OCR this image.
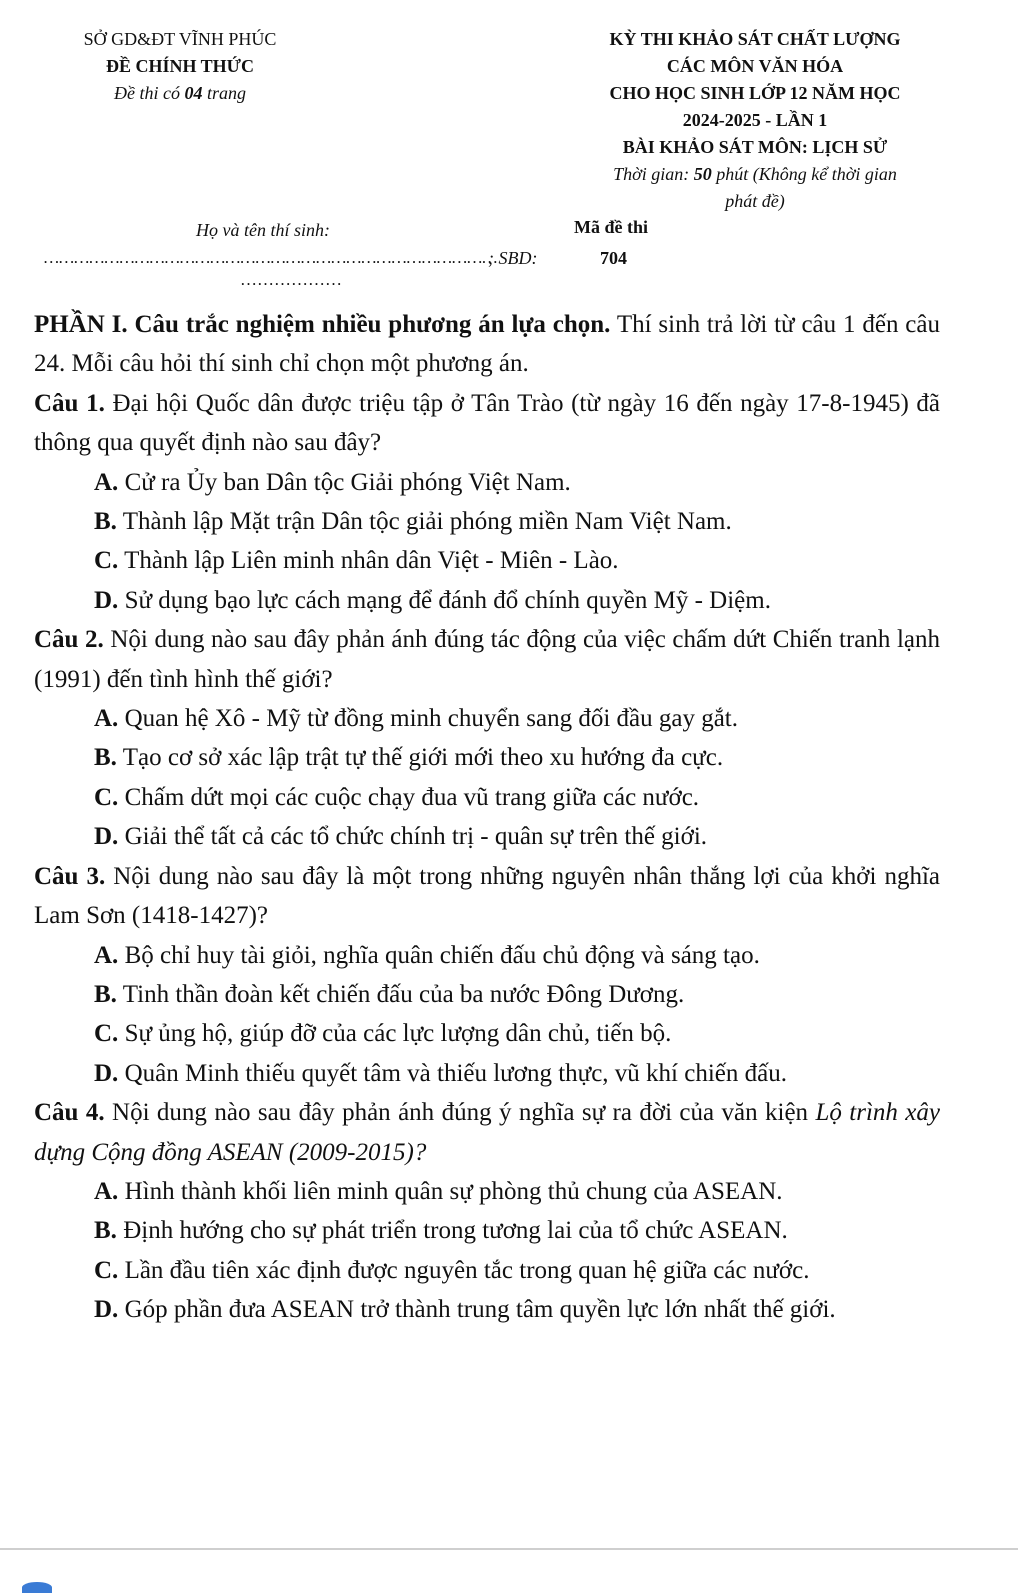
SỞ GD&ĐT VĨNH PHÚC
ĐỀ CHÍNH THỨC
Đề thi có 04 trang
KỲ THI KHẢO SÁT CHẤT LƯỢNG
CÁC MÔN VĂN HÓA
CHO HỌC SINH LỚP 12 NĂM HỌC
2024-2025 - LẦN 1
BÀI KHẢO SÁT MÔN: LỊCH SỬ
Thời gian: 50 phút (Không kể thời gian
phát đề)
Họ và tên thí sinh:	Mã đề thi
………………………………………………………………………………
; SBD:	704
………………

PHẦN I. Câu trắc nghiệm nhiều phương án lựa chọn. Thí sinh trả lời từ câu 1 đến câu 24. Mỗi câu hỏi thí sinh chỉ chọn một phương án.

Câu 1. Đại hội Quốc dân được triệu tập ở Tân Trào (từ ngày 16 đến ngày 17-8-1945) đã thông qua quyết định nào sau đây?

A. Cử ra Ủy ban Dân tộc Giải phóng Việt Nam.

B. Thành lập Mặt trận Dân tộc giải phóng miền Nam Việt Nam.

C. Thành lập Liên minh nhân dân Việt - Miên - Lào.

D. Sử dụng bạo lực cách mạng để đánh đổ chính quyền Mỹ - Diệm.

Câu 2. Nội dung nào sau đây phản ánh đúng tác động của việc chấm dứt Chiến tranh lạnh (1991) đến tình hình thế giới?

A. Quan hệ Xô - Mỹ từ đồng minh chuyển sang đối đầu gay gắt.

B. Tạo cơ sở xác lập trật tự thế giới mới theo xu hướng đa cực.

C. Chấm dứt mọi các cuộc chạy đua vũ trang giữa các nước.

D. Giải thể tất cả các tổ chức chính trị - quân sự trên thế giới.

Câu 3. Nội dung nào sau đây là một trong những nguyên nhân thắng lợi của khởi nghĩa Lam Sơn (1418-1427)?

A. Bộ chỉ huy tài giỏi, nghĩa quân chiến đấu chủ động và sáng tạo.

B. Tinh thần đoàn kết chiến đấu của ba nước Đông Dương.

C. Sự ủng hộ, giúp đỡ của các lực lượng dân chủ, tiến bộ.

D. Quân Minh thiếu quyết tâm và thiếu lương thực, vũ khí chiến đấu.

Câu 4. Nội dung nào sau đây phản ánh đúng ý nghĩa sự ra đời của văn kiện Lộ trình xây dựng Cộng đồng ASEAN (2009-2015)?

A. Hình thành khối liên minh quân sự phòng thủ chung của ASEAN.

B. Định hướng cho sự phát triển trong tương lai của tổ chức ASEAN.

C. Lần đầu tiên xác định được nguyên tắc trong quan hệ giữa các nước.

D. Góp phần đưa ASEAN trở thành trung tâm quyền lực lớn nhất thế giới.
